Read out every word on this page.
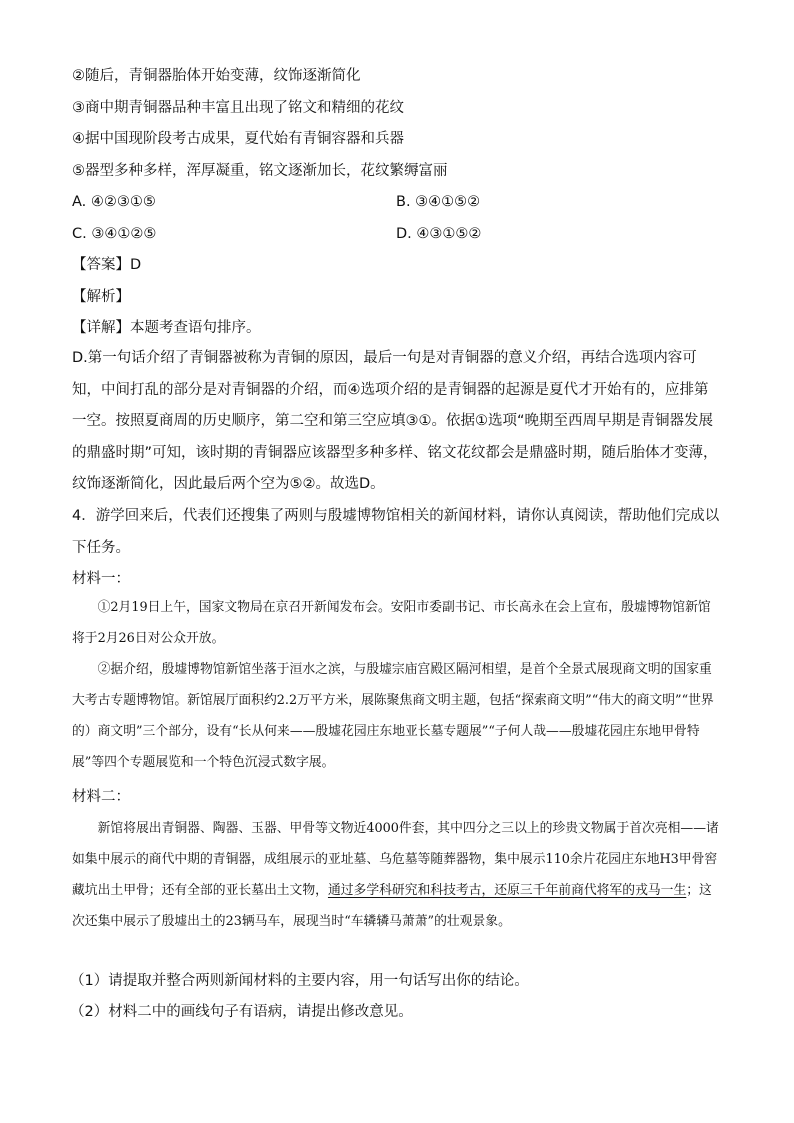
②随后，青铜器胎体开始变薄，纹饰逐渐简化
③商中期青铜器品种丰富且出现了铭文和精细的花纹
④据中国现阶段考古成果，夏代始有青铜容器和兵器
⑤器型多种多样，浑厚凝重，铭文逐渐加长，花纹繁缛富丽
A. ④②③①⑤	B. ③④①⑤②
C. ③④①②⑤	D. ④③①⑤②
【答案】D
【解析】
【详解】本题考查语句排序。
D.第一句话介绍了青铜器被称为青铜的原因，最后一句是对青铜器的意义介绍，再结合选项内容可知，中间打乱的部分是对青铜器的介绍，而④选项介绍的是青铜器的起源是夏代才开始有的，应排第一空。按照夏商周的历史顺序，第二空和第三空应填③①。依据①选项“晚期至西周早期是青铜器发展的鼎盛时期”可知，该时期的青铜器应该器型多种多样、铭文花纹都会是鼎盛时期，随后胎体才变薄，纹饰逐渐简化，因此最后两个空为⑤②。故选D。
4．游学回来后，代表们还搜集了两则与殷墟博物馆相关的新闻材料，请你认真阅读，帮助他们完成以下任务。
材料一：
①2月19日上午，国家文物局在京召开新闻发布会。安阳市委副书记、市长高永在会上宣布，殷墟博物馆新馆将于2月26日对公众开放。
②据介绍，殷墟博物馆新馆坐落于洹水之滨，与殷墟宗庙宫殿区隔河相望，是首个全景式展现商文明的国家重大考古专题博物馆。新馆展厅面积约2.2万平方米，展陈聚焦商文明主题，包括“探索商文明”“伟大的商文明”“世界的）商文明”三个部分，设有“长从何来——殷墟花园庄东地亚长墓专题展”“子何人哉——殷墟花园庄东地甲骨特展”等四个专题展览和一个特色沉浸式数字展。
材料二：
新馆将展出青铜器、陶器、玉器、甲骨等文物近4000件套，其中四分之三以上的珍贵文物属于首次亮相——诸如集中展示的商代中期的青铜器，成组展示的亚址墓、乌危墓等随葬器物，集中展示110余片花园庄东地H3甲骨窖藏坑出土甲骨；还有全部的亚长墓出土文物，通过多学科研究和科技考古，还原三千年前商代将军的戎马一生；这次还集中展示了殷墟出土的23辆马车，展现当时“车辚辚马萧萧”的壮观景象。
（1）请提取并整合两则新闻材料的主要内容，用一句话写出你的结论。
（2）材料二中的画线句子有语病，请提出修改意见。
